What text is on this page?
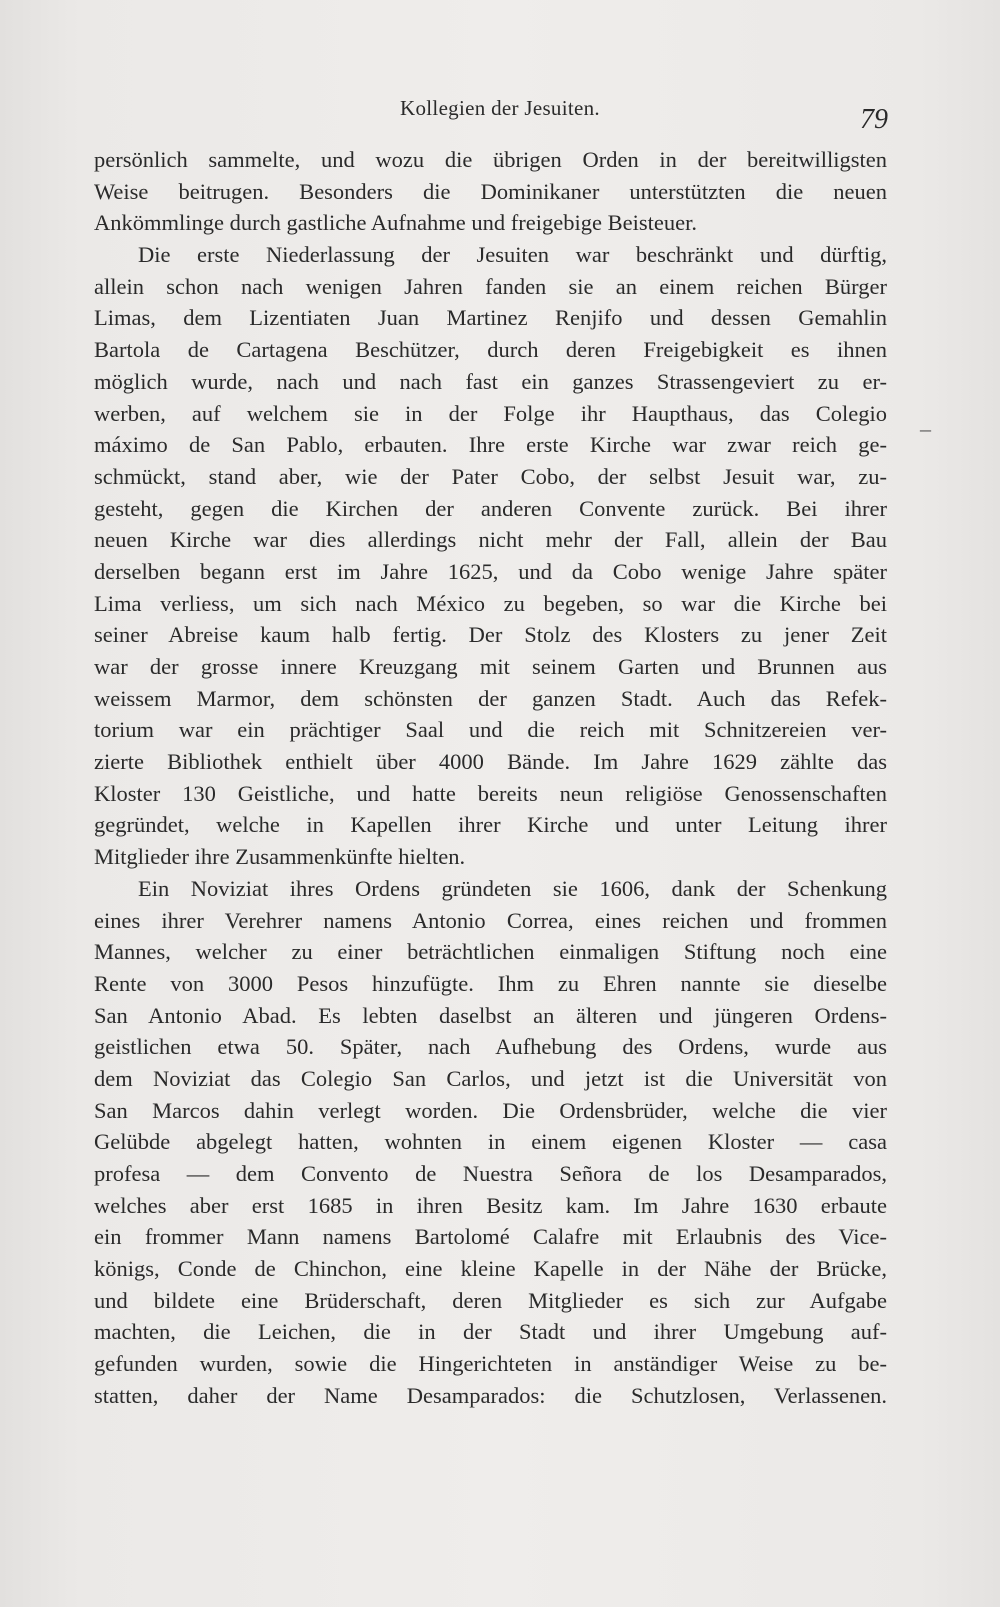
Kollegien der Jesuiten.	79
–
persönlich sammelte, und wozu die übrigen Orden in der bereitwilligsten
Weise beitrugen. Besonders die Dominikaner unterstützten die neuen
Ankömmlinge durch gastliche Aufnahme und freigebige Beisteuer.
Die erste Niederlassung der Jesuiten war beschränkt und dürftig,
allein schon nach wenigen Jahren fanden sie an einem reichen Bürger
Limas, dem Lizentiaten Juan Martinez Renjifo und dessen Gemahlin
Bartola de Cartagena Beschützer, durch deren Freigebigkeit es ihnen
möglich wurde, nach und nach fast ein ganzes Strassengeviert zu er-
werben, auf welchem sie in der Folge ihr Haupthaus, das Colegio
máximo de San Pablo, erbauten. Ihre erste Kirche war zwar reich ge-
schmückt, stand aber, wie der Pater Cobo, der selbst Jesuit war, zu-
gesteht, gegen die Kirchen der anderen Convente zurück. Bei ihrer
neuen Kirche war dies allerdings nicht mehr der Fall, allein der Bau
derselben begann erst im Jahre 1625, und da Cobo wenige Jahre später
Lima verliess, um sich nach México zu begeben, so war die Kirche bei
seiner Abreise kaum halb fertig. Der Stolz des Klosters zu jener Zeit
war der grosse innere Kreuzgang mit seinem Garten und Brunnen aus
weissem Marmor, dem schönsten der ganzen Stadt. Auch das Refek-
torium war ein prächtiger Saal und die reich mit Schnitzereien ver-
zierte Bibliothek enthielt über 4000 Bände. Im Jahre 1629 zählte das
Kloster 130 Geistliche, und hatte bereits neun religiöse Genossenschaften
gegründet, welche in Kapellen ihrer Kirche und unter Leitung ihrer
Mitglieder ihre Zusammenkünfte hielten.
Ein Noviziat ihres Ordens gründeten sie 1606, dank der Schenkung
eines ihrer Verehrer namens Antonio Correa, eines reichen und frommen
Mannes, welcher zu einer beträchtlichen einmaligen Stiftung noch eine
Rente von 3000 Pesos hinzufügte. Ihm zu Ehren nannte sie dieselbe
San Antonio Abad. Es lebten daselbst an älteren und jüngeren Ordens-
geistlichen etwa 50. Später, nach Aufhebung des Ordens, wurde aus
dem Noviziat das Colegio San Carlos, und jetzt ist die Universität von
San Marcos dahin verlegt worden. Die Ordensbrüder, welche die vier
Gelübde abgelegt hatten, wohnten in einem eigenen Kloster — casa
profesa — dem Convento de Nuestra Señora de los Desamparados,
welches aber erst 1685 in ihren Besitz kam. Im Jahre 1630 erbaute
ein frommer Mann namens Bartolomé Calafre mit Erlaubnis des Vice-
königs, Conde de Chinchon, eine kleine Kapelle in der Nähe der Brücke,
und bildete eine Brüderschaft, deren Mitglieder es sich zur Aufgabe
machten, die Leichen, die in der Stadt und ihrer Umgebung auf-
gefunden wurden, sowie die Hingerichteten in anständiger Weise zu be-
statten, daher der Name Desamparados: die Schutzlosen, Verlassenen.
